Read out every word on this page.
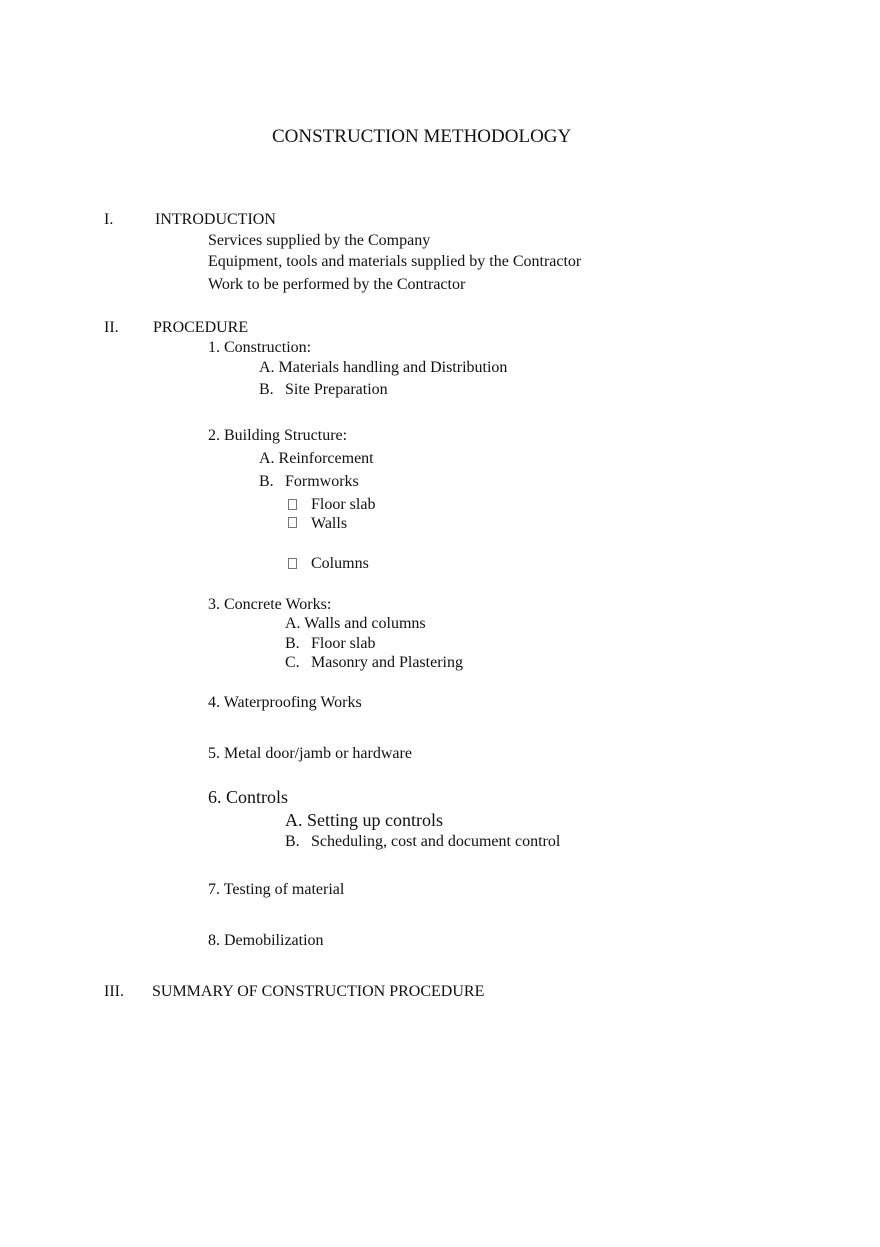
CONSTRUCTION METHODOLOGY
I.	INTRODUCTION
Services supplied by the Company
Equipment, tools and materials supplied by the Contractor
Work to be performed by the Contractor
II. PROCEDURE
1. Construction:
A. Materials handling and Distribution
B. Site Preparation
2. Building Structure:
A. Reinforcement
B. Formworks
Floor slab
Walls
Columns
3. Concrete Works:
A. Walls and columns
B. Floor slab
C. Masonry and Plastering
4. Waterproofing Works
5. Metal door/jamb or hardware
6. Controls
A. Setting up controls
B. Scheduling, cost and document control
7. Testing of material
8. Demobilization
III. SUMMARY OF CONSTRUCTION PROCEDURE
